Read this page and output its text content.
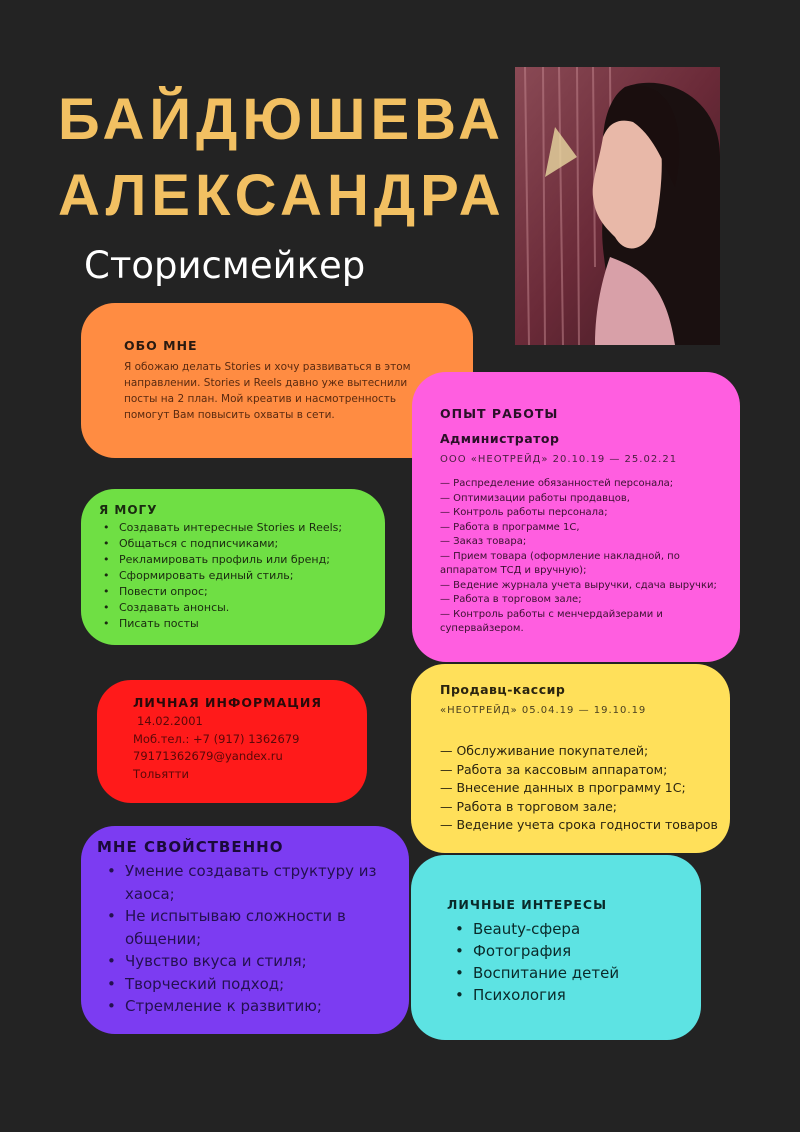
БАЙДЮШЕВА
АЛЕКСАНДРА
Сторисмейкер
ОБО МНЕ

Я обожаю делать Stories и хочу развиваться в этом направлении. Stories и Reels давно уже вытеснили посты на 2 план. Мой креатив и насмотренность помогут Вам повысить охваты в сети.	ОПЫТ РАБОТЫ
Администратор
ООО «НЕОТРЕЙД» 20.10.19 — 25.02.21
— Распределение обязанностей персонала;
— Оптимизации работы продавцов,
— Контроль работы персонала;
— Работа в программе 1С,
— Заказ товара;
— Прием товара (оформление накладной, по аппаратом ТСД и вручную);
— Ведение журнала учета выручки, сдача выручки;
— Работа в торговом зале;
— Контроль работы с менчердайзерами и супервайзером.
Я МОГУ
• Создавать интересные Stories и Reels;
• Общаться с подписчиками;
• Рекламировать профиль или бренд;
• Сформировать единый стиль;
• Повести опрос;
• Создавать анонсы.
• Писать посты
ЛИЧНАЯ ИНФОРМАЦИЯ
14.02.2001
Моб.тел.: +7 (917) 1362679
79171362679@yandex.ru
Тольятти
Продавц-кассир
«НЕОТРЕЙД» 05.04.19 — 19.10.19
— Обслуживание покупателей;
— Работа за кассовым аппаратом;
— Внесение данных в программу 1С;
— Работа в торговом зале;
— Ведение учета срока годности товаров
МНЕ СВОЙСТВЕННО
• Умение создавать структуру из хаоса;
• Не испытываю сложности в общении;
• Чувство вкуса и стиля;
• Творческий подход;
• Стремление к развитию;
ЛИЧНЫЕ ИНТЕРЕСЫ
• Beauty-сфера
• Фотография
• Воспитание детей
• Психология
